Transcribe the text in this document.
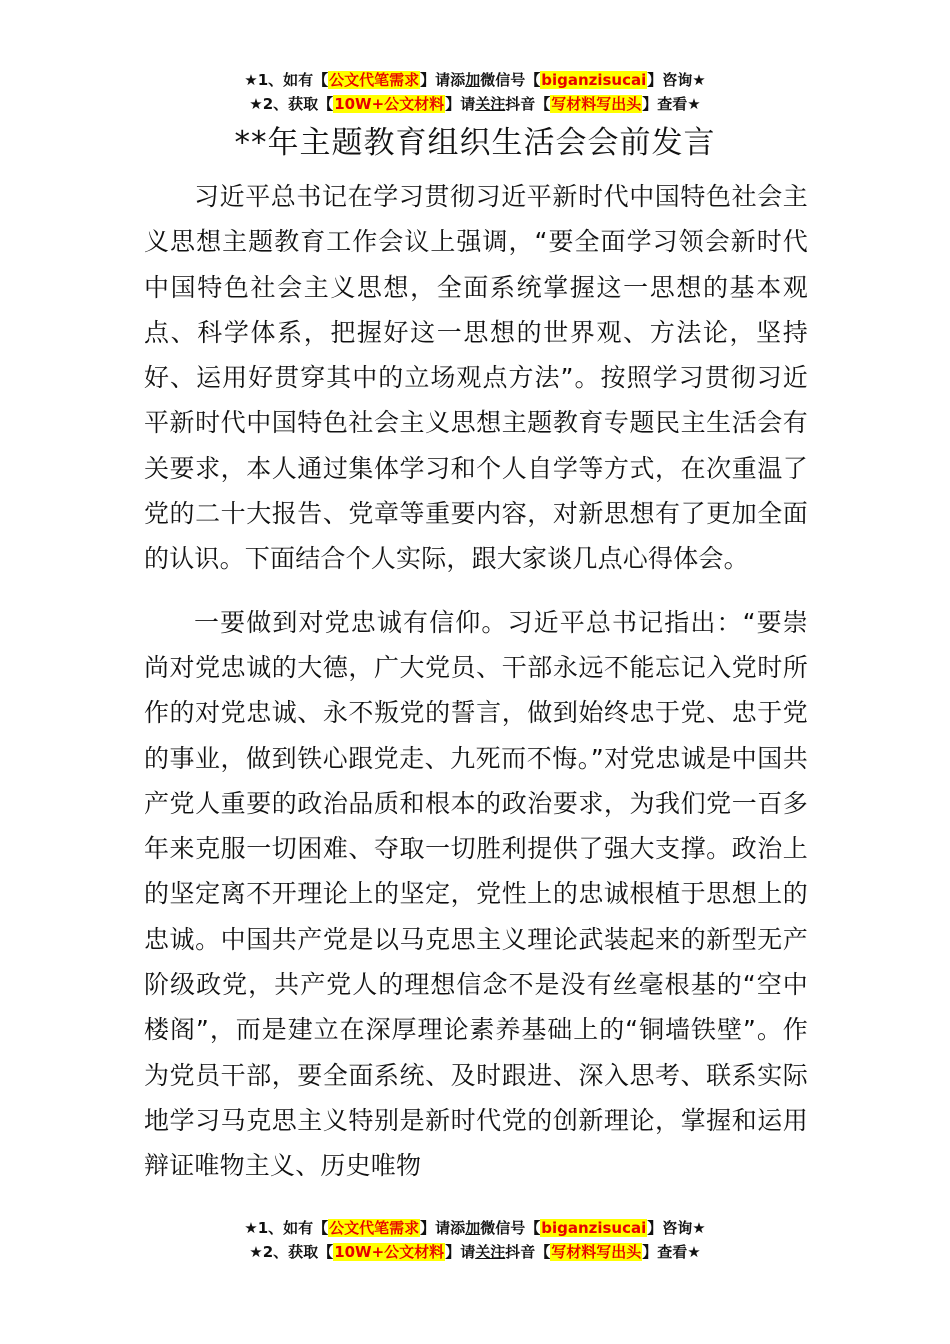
★1、如有【公文代笔需求】请添加微信号【biganzisucai】咨询★
★2、获取【10W+公文材料】请关注抖音【写材料写出头】查看★
**年主题教育组织生活会会前发言

习近平总书记在学习贯彻习近平新时代中国特色社会主义思想主题教育工作会议上强调，“要全面学习领会新时代中国特色社会主义思想，全面系统掌握这一思想的基本观点、科学体系，把握好这一思想的世界观、方法论，坚持好、运用好贯穿其中的立场观点方法”。按照学习贯彻习近平新时代中国特色社会主义思想主题教育专题民主生活会有关要求，本人通过集体学习和个人自学等方式，在次重温了党的二十大报告、党章等重要内容，对新思想有了更加全面的认识。下面结合个人实际，跟大家谈几点心得体会。

一要做到对党忠诚有信仰。习近平总书记指出：“要崇尚对党忠诚的大德，广大党员、干部永远不能忘记入党时所作的对党忠诚、永不叛党的誓言，做到始终忠于党、忠于党的事业，做到铁心跟党走、九死而不悔。”对党忠诚是中国共产党人重要的政治品质和根本的政治要求，为我们党一百多年来克服一切困难、夺取一切胜利提供了强大支撑。政治上的坚定离不开理论上的坚定，党性上的忠诚根植于思想上的忠诚。中国共产党是以马克思主义理论武装起来的新型无产阶级政党，共产党人的理想信念不是没有丝毫根基的“空中楼阁”，而是建立在深厚理论素养基础上的“铜墙铁壁”。作为党员干部，要全面系统、及时跟进、深入思考、联系实际地学习马克思主义特别是新时代党的创新理论，掌握和运用辩证唯物主义、历史唯物

★1、如有【公文代笔需求】请添加微信号【biganzisucai】咨询★
★2、获取【10W+公文材料】请关注抖音【写材料写出头】查看★
